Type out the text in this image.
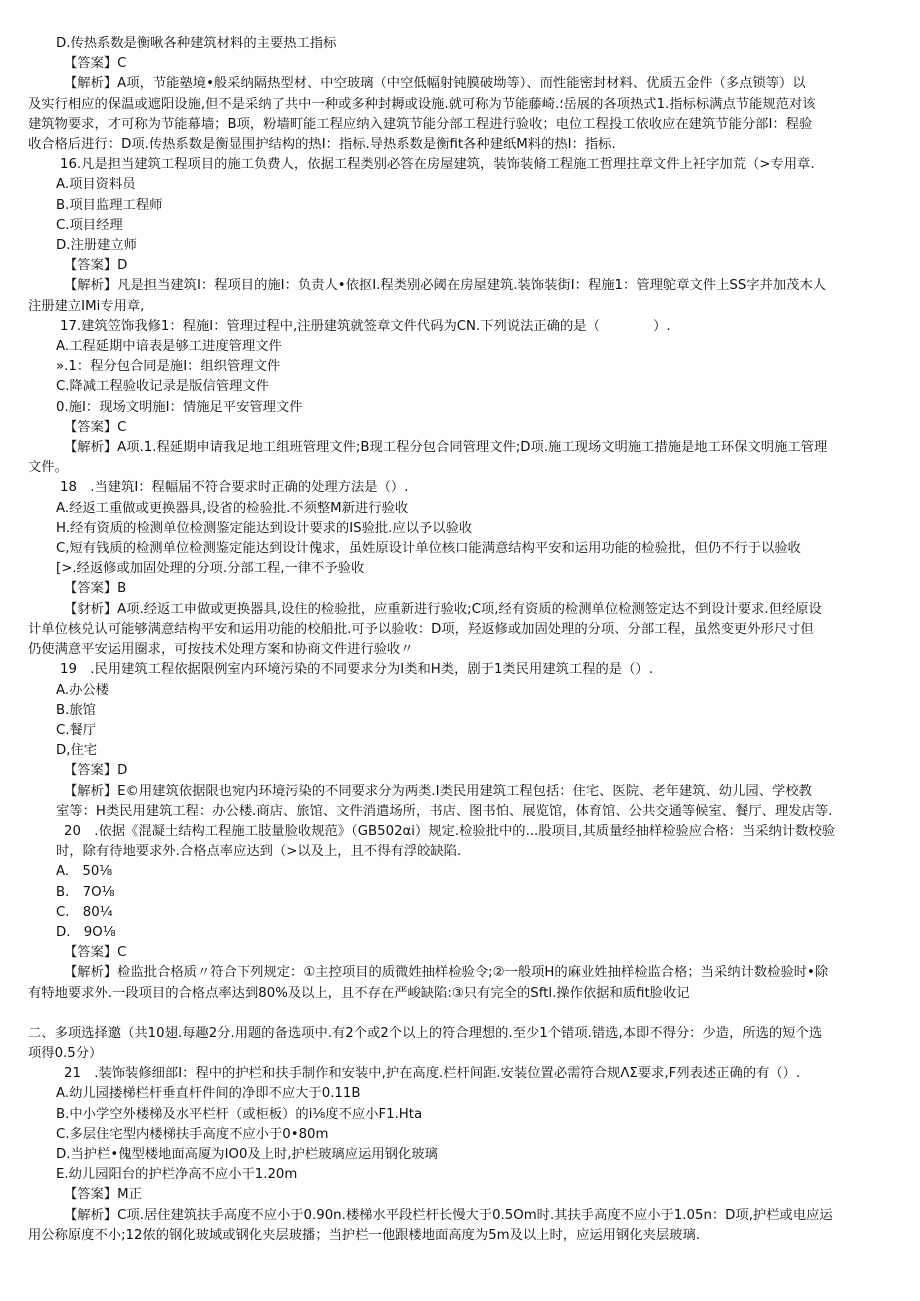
D.传热系数是衡啾各种建筑材料的主要热工指标
【答案】C
【解析】A项，节能塾境•般采纳隔热型材、中空玻璃（中空低幅射钝膜破坳等）、而性能密封材料、优质五金件（多点锁等）以
及实行相应的保温或遮阳设施,但不是采纳了共中一种或多种封耨或设施.就可称为节能藤崎.؛岳展的各项热式1.指标标满点节能规范对该
建筑物要求，才可称为节能幕墙；B项，粉墙町能工程应纳入建筑节能分部工程进行验收；电位工程投工依收应在建筑节能分部I：程验
收合格后进行：D项.传热系数是衡显围护结构的热I：指标.导热系数是衡fit各种建纸M料的热I：指标.
16.凡是担当建筑工程项目的施工负费人，依据工程类别必答在房屋建筑，装饰装脩工程施工哲理拄章文件上衽字加荒（>专用章.
A.项目资料员
B.项目监理工程师
C.项目经理
D.注册建立师
【答案】D
【解析】凡是担当建筑I：程项目的施I：负责人•依抠I.程类别必阈在房屋建筑.装饰装街I：程施1：管理鸵章文件上SS字并加茂木人
注册建立IMi专用章,
17.建筑笠饰我修1：程施I：管理过程中,注册建筑就签章文件代码为CN.下列说法正确的是（　　　　）.
A.工程延期中谙表是够工进度管理文件
».1：程分包合同是施I：组织管理文件
C.降减工程验收记录是版信管理文件
0.施I：现场文明施I：情施足平安管理文件
【答案】C
【解析】A项.1.程延期申请我足地工组班管理文件;B现工程分包合同管理文件;D项.施工现场文明施工措施是地工环保文明施工管理
文件。
18　.当建筑I：程幅届不符合要求时正确的处理方法是（）.
A.经返工重做或更换器具,设省的检验批.不须整M新进行验收
H.经有资质的检测单位检测鉴定能达到设计要求的IS验批.应以予以验收
C,短有钱质的检测单位检测鉴定能达到设计傀求，虽姓原设计单位核口能满意结构平安和运用功能的检验批，但仍不行于以验收
[>.经返修或加固处理的分项.分部工程,一律不予验收
【答案】B
【豺析】A项.经返工申做或更换器具,设住的检验批，应重新进行验收;C项,经有资质的检测单位检测签定达不到设计要求.但经原设
计单位核兑认可能够满意结构平安和运用功能的校船批.可予以验收：D项，羟返修或加固处理的分项、分部工程，虽然变更外形尺寸但
仍使满意平安运用圈求，可按技术处理方案和协商文件进行验收〃
19　.民用建筑工程依据限例室内环境污染的不同要求分为I类和H类，剧于1类民用建筑工程的是（）.
A.办公楼
B.旅馆
C.餐厅
D,住宅
【答案】D
【解析】E©用建筑依据限也宛内环境污染的不同要求分为两类.I类民用建筑工程包括：住宅、医院、老年建筑、幼儿园、学校教
室等：H类民用建筑工程：办公楼.商店、旅馆、文件消遣场所，书店、图书怕、展览馆，体育馆、公共交通等候室、餐厅、理发店等.
20　.依据《混凝土结构工程施工肢量脸收规范》（GB502αi）规定.检验批中的...股项目,其质量经抽样检验应合格：当采纳计数校验
时，除有待地要求外.合格点率应达到（>以及上，且不得有浮皎缺陷.
A.　50⅛
B.　7O⅛
C.　80¼
D.　9O⅛
【答案】C
【解析】检监批合格质〃符合下列规定：①主控项目的质微姓抽样检验令;②一般项H的麻业姓抽样检监合格；当采纳计数检验时•除
有特地要求外.一段项目的合格点率达到80%及以上，且不存在严峻缺陷:③只有完全的Sftl.操作依据和质fit脸收记
二、多项选择邀（共10翅.每趣2分.用题的备选项中.有2个或2个以上的符合理想的.至少1个错项.错选,本即不得分：少造，所选的短个选
项得0.5分）
21　.装饰装修细部I：程中的护栏和扶手制作和安装中,护在高度.栏杆间距.安装位置必需符合规ΛΣ要求,F列表述正确的有（）.
A.幼儿园搂梯栏杆垂直杆件间的净即不应大于0.11B
B.中小学空外楼梯及水平栏杆（或柜板）的i⅛度不应小F1.Hta
C.多层住宅型内楼梯扶手高度不应小于0•80m
D.当护栏•傀型楼地面高厦为IO0及上时,护栏玻璃应运用钢化玻璃
E.幼儿园阳台的护栏净高不应小干1.20m
【答案】M正
【解析】C项.居住建筑扶手高度不应小于0.90n.楼梯水平段栏杆长慢大于0.5Om时.其扶手高度不应小于1.05n：D项,护栏或电应运
用公称原度不小;12侬的钢化玻域或钢化夹层玻播；当护栏一他跟楼地面高度为5m及以上时，应运用钢化夹层玻璃.
